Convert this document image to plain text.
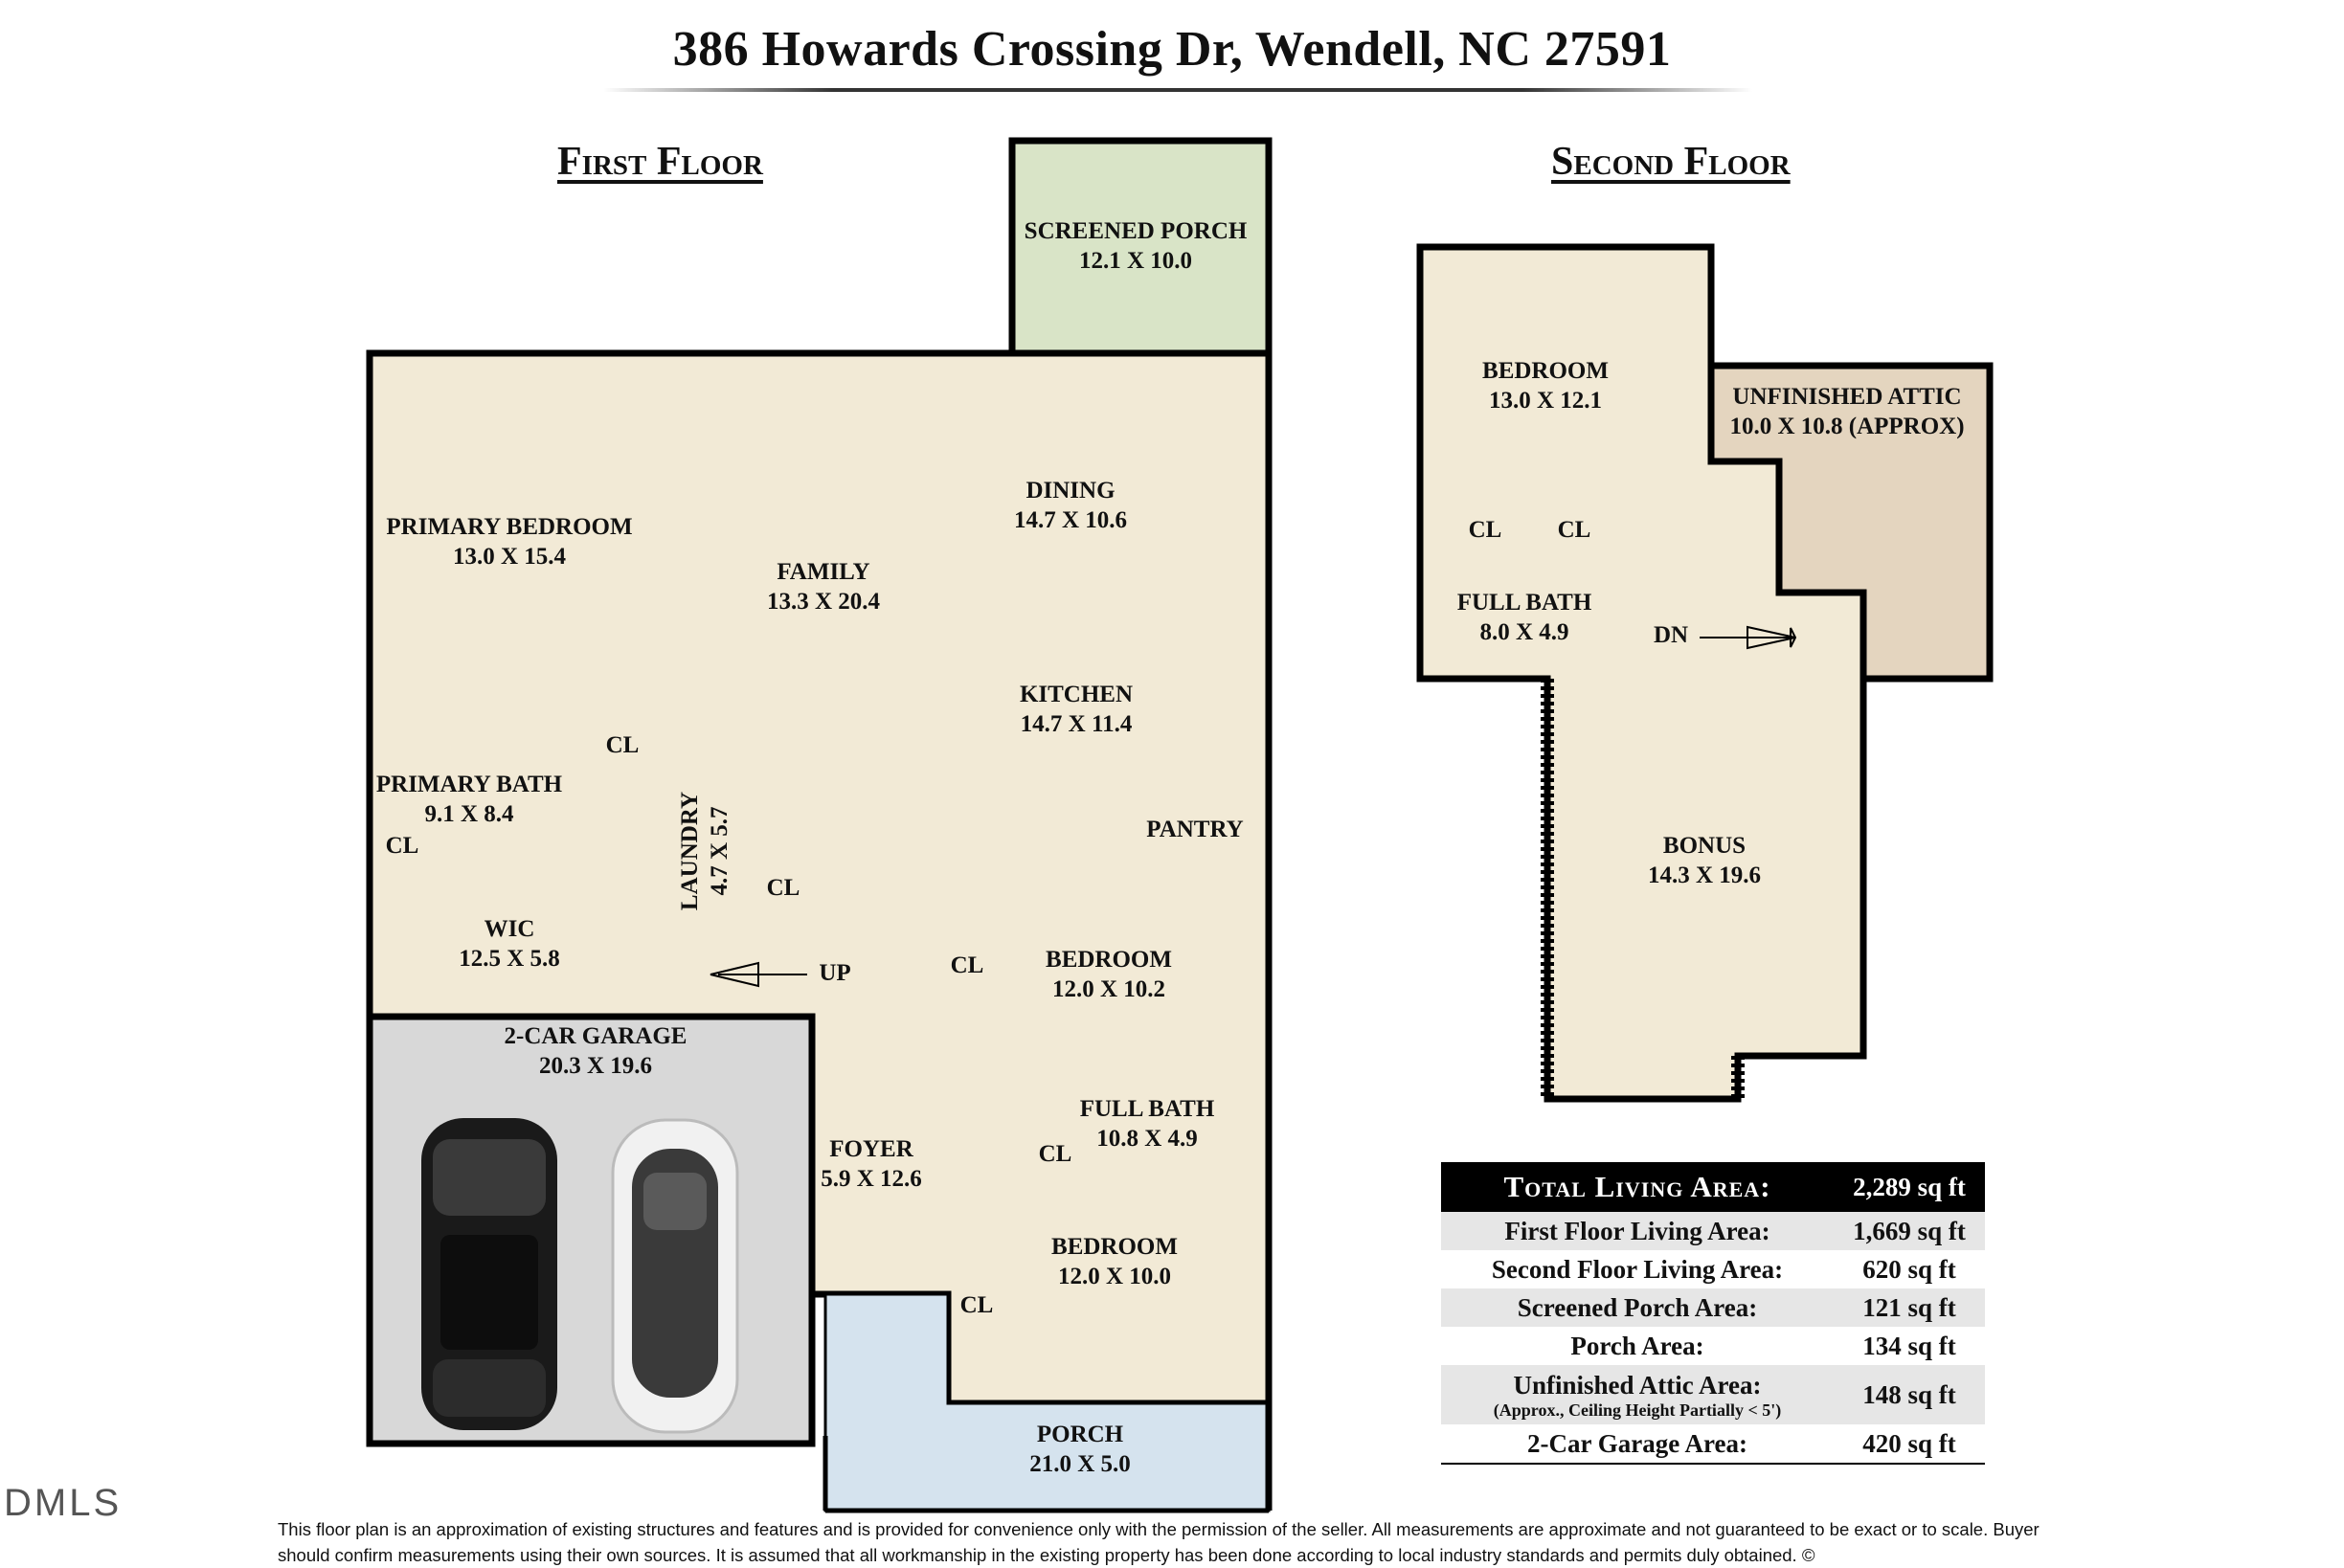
386 Howards Crossing Dr, Wendell, NC 27591
First Floor	Second Floor
SCREENED PORCH
12.1 X 10.0
PRIMARY BEDROOM
13.0 X 15.4
FAMILY
13.3 X 20.4
DINING
14.7 X 10.6
KITCHEN
14.7 X 11.4
CL
PRIMARY BATH
9.1 X 8.4
CL	LAUNDRY 4.7 X 5.7 CL
PANTRY
WIC
12.5 X 5.8
UP	CL	BEDROOM
12.0 X 10.2
2-CAR GARAGE
20.3 X 19.6
FULL BATH
10.8 X 4.9
FOYER
5.9 X 12.6
CL
BEDROOM
12.0 X 10.0
CL
PORCH
21.0 X 5.0
BEDROOM
13.0 X 12.1	UNFINISHED ATTIC
10.0 X 10.8 (APPROX)
CL CL
FULL BATH
8.0 X 4.9	DN
BONUS
14.3 X 19.6
Total Living Area:	2,289 sq ft
First Floor Living Area:	1,669 sq ft
Second Floor Living Area:	620 sq ft
Screened Porch Area:	121 sq ft
Porch Area:	134 sq ft
Unfinished Attic Area:
(Approx., Ceiling Height Partially < 5')	148 sq ft
2-Car Garage Area:	420 sq ft
DMLS
This floor plan is an approximation of existing structures and features and is provided for convenience only with the permission of the seller. All measurements are approximate and not guaranteed to be exact or to scale. Buyer should confirm measurements using their own sources. It is assumed that all workmanship in the existing property has been done according to local industry standards and permits duly obtained. ©
